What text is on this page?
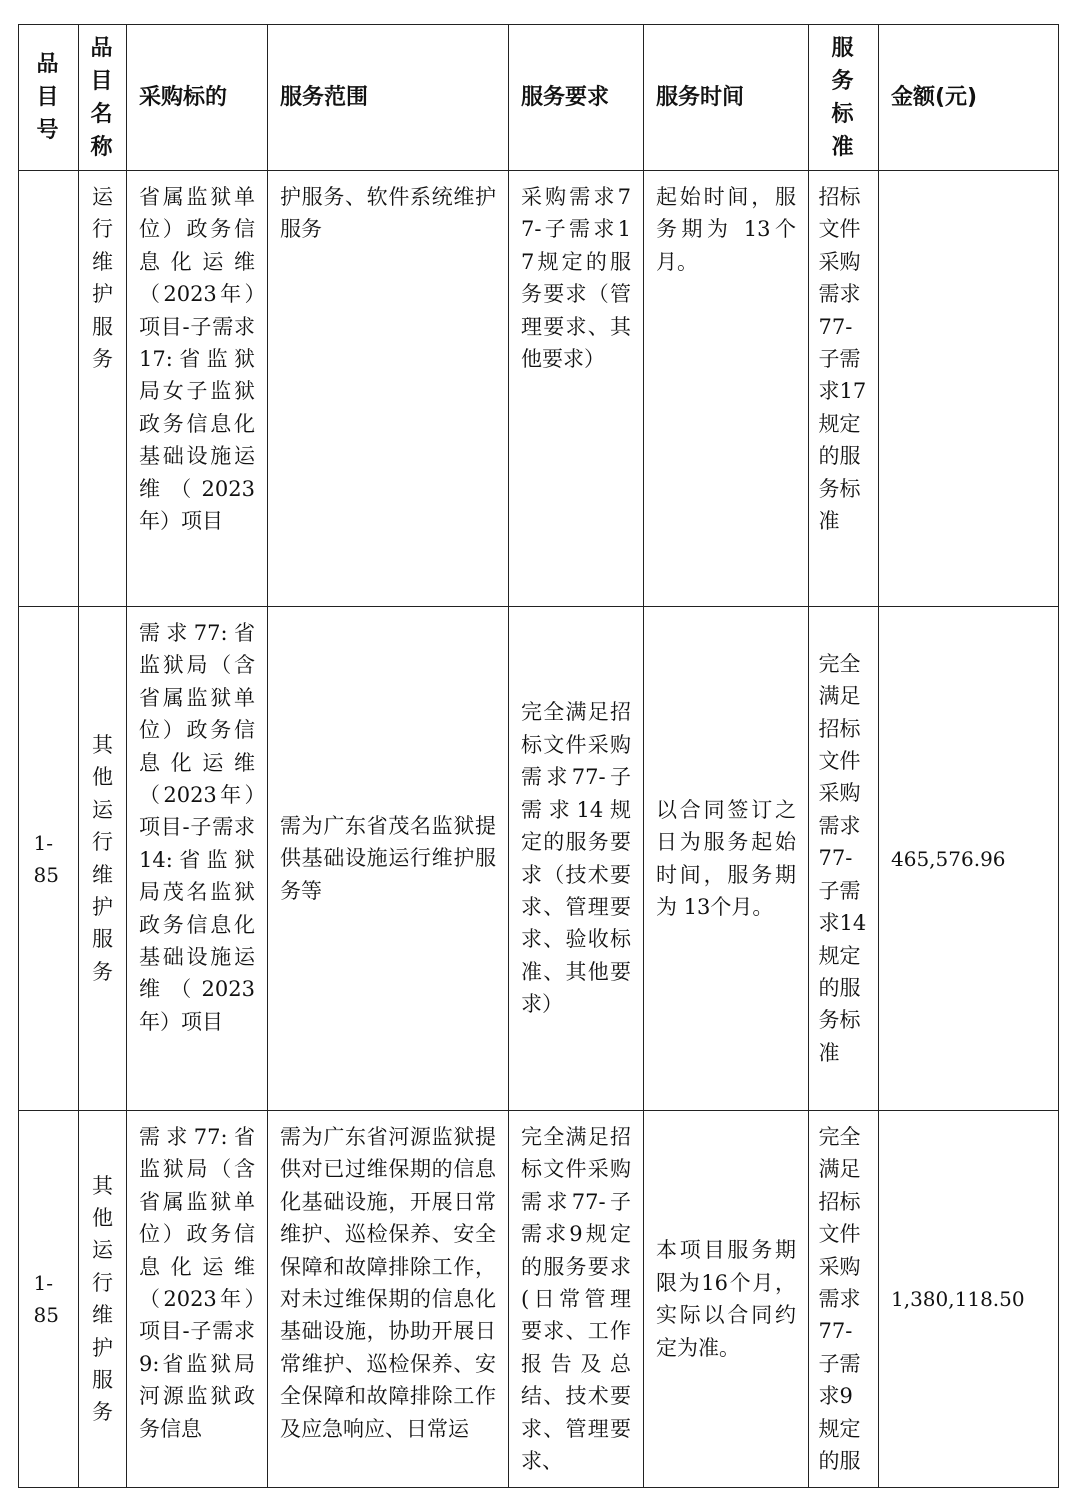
品目号	品目名称	采购标的	服务范围	服务要求	服务时间	服务标准	金额(元)

	运行维护服务	省属监狱单位）政务信息化运维（2023年）项目-子需求17:省监狱局女子监狱政务信息化基础设施运维（2023年）项目	护服务、软件系统维护服务	采购需求77-子需求17规定的服务要求（管理要求、其他要求）	起始时间，服务期为 13个月。	招标文件采购需求77-子需求17规定的服务标准	

1-85	其他运行维护服务	需求77:省监狱局（含省属监狱单位）政务信息化运维（2023年）项目-子需求14:省监狱局茂名监狱政务信息化基础设施运维（2023年）项目	需为广东省茂名监狱提供基础设施运行维护服务等	完全满足招标文件采购需求77-子需求14规定的服务要求（技术要求、管理要求、验收标准、其他要求）	以合同签订之日为服务起始时间，服务期为 13个月。	完全满足招标文件采购需求77-子需求14规定的服务标准	465,576.96

1-85	其他运行维护服务	需求77:省监狱局（含省属监狱单位）政务信息化运维（2023年）项目-子需求9:省监狱局河源监狱政务信息	需为广东省河源监狱提供对已过维保期的信息化基础设施，开展日常维护、巡检保养、安全保障和故障排除工作，对未过维保期的信息化基础设施，协助开展日常维护、巡检保养、安全保障和故障排除工作及应急响应、日常运	完全满足招标文件采购需求77-子需求9规定的服务要求(日常管理要求、工作报告及总结、技术要求、管理要求、	本项目服务期限为16个月，实际以合同约定为准。	完全满足招标文件采购需求77-子需求9规定的服	1,380,118.50
